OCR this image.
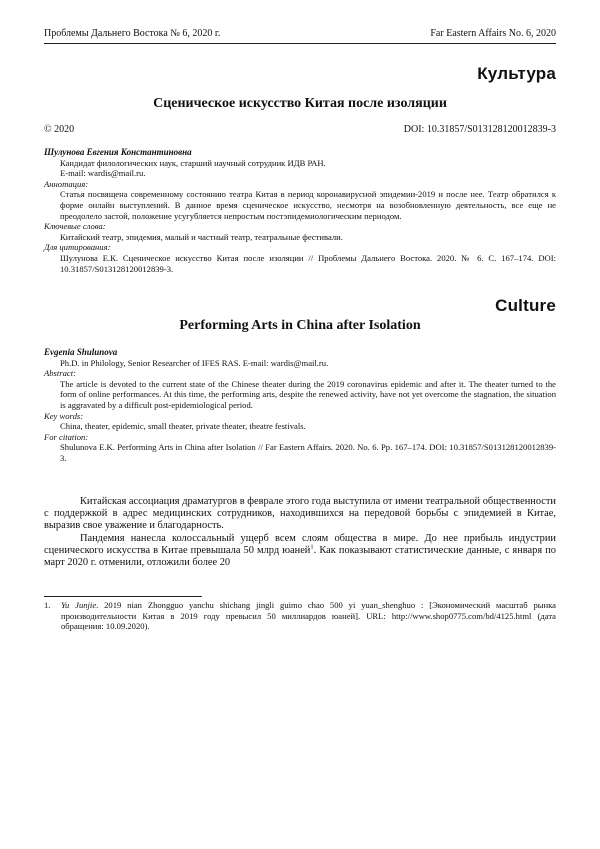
Проблемы Дальнего Востока № 6, 2020 г.	Far Eastern Affairs No. 6, 2020
Культура
Сценическое искусство Китая после изоляции
© 2020	DOI: 10.31857/S013128120012839-3
Шулунова Евгения Константиновна
Кандидат филологических наук, старший научный сотрудник ИДВ РАН.
E-mail: wardis@mail.ru.
Аннотация:
Статья посвящена современному состоянию театра Китая в период коронавирусной эпидемии-2019 и после нее. Театр обратился к форме онлайн выступлений. В данное время сценическое искусство, несмотря на возобновленную деятельность, все еще не преодолело застой, положение усугубляется непростым постэпидемиологическим периодом.
Ключевые слова:
Китайский театр, эпидемия, малый и частный театр, театральные фестивали.
Для цитирования:
Шулунова Е.К. Сценическое искусство Китая после изоляции // Проблемы Дальнего Востока. 2020. № 6. С. 167–174. DOI: 10.31857/S013128120012839-3.
Culture
Performing Arts in China after Isolation
Evgenia Shulunova
Ph.D. in Philology, Senior Researcher of IFES RAS. E-mail: wardis@mail.ru.
Abstract:
The article is devoted to the current state of the Chinese theater during the 2019 coronavirus epidemic and after it. The theater turned to the form of online performances. At this time, the performing arts, despite the renewed activity, have not yet overcome the stagnation, the situation is aggravated by a difficult post-epidemiological period.
Key words:
China, theater, epidemic, small theater, private theater, theatre festivals.
For citation:
Shulunova E.K. Performing Arts in China after Isolation // Far Eastern Affairs. 2020. No. 6. Pp. 167–174. DOI: 10.31857/S013128120012839-3.

Китайская ассоциация драматургов в феврале этого года выступила от имени театральной общественности с поддержкой в адрес медицинских сотрудников, находившихся на передовой борьбы с эпидемией в Китае, выразив свое уважение и благодарность.

Пандемия нанесла колоссальный ущерб всем слоям общества в мире. До нее прибыль индустрии сценического искусства в Китае превышала 50 млрд юаней$^1$. Как показывают статистические данные, с января по март 2020 г. отменили, отложили более 20

1.	Yu Junjie. 2019 nian Zhongguo yanchu shichang jingli guimo chao 500 yi yuan_shenghuo : [Экономический масштаб рынка производительности Китая в 2019 году превысил 50 миллиардов юаней]. URL: http://www.shop0775.com/bd/4125.html (дата обращения: 10.09.2020).
